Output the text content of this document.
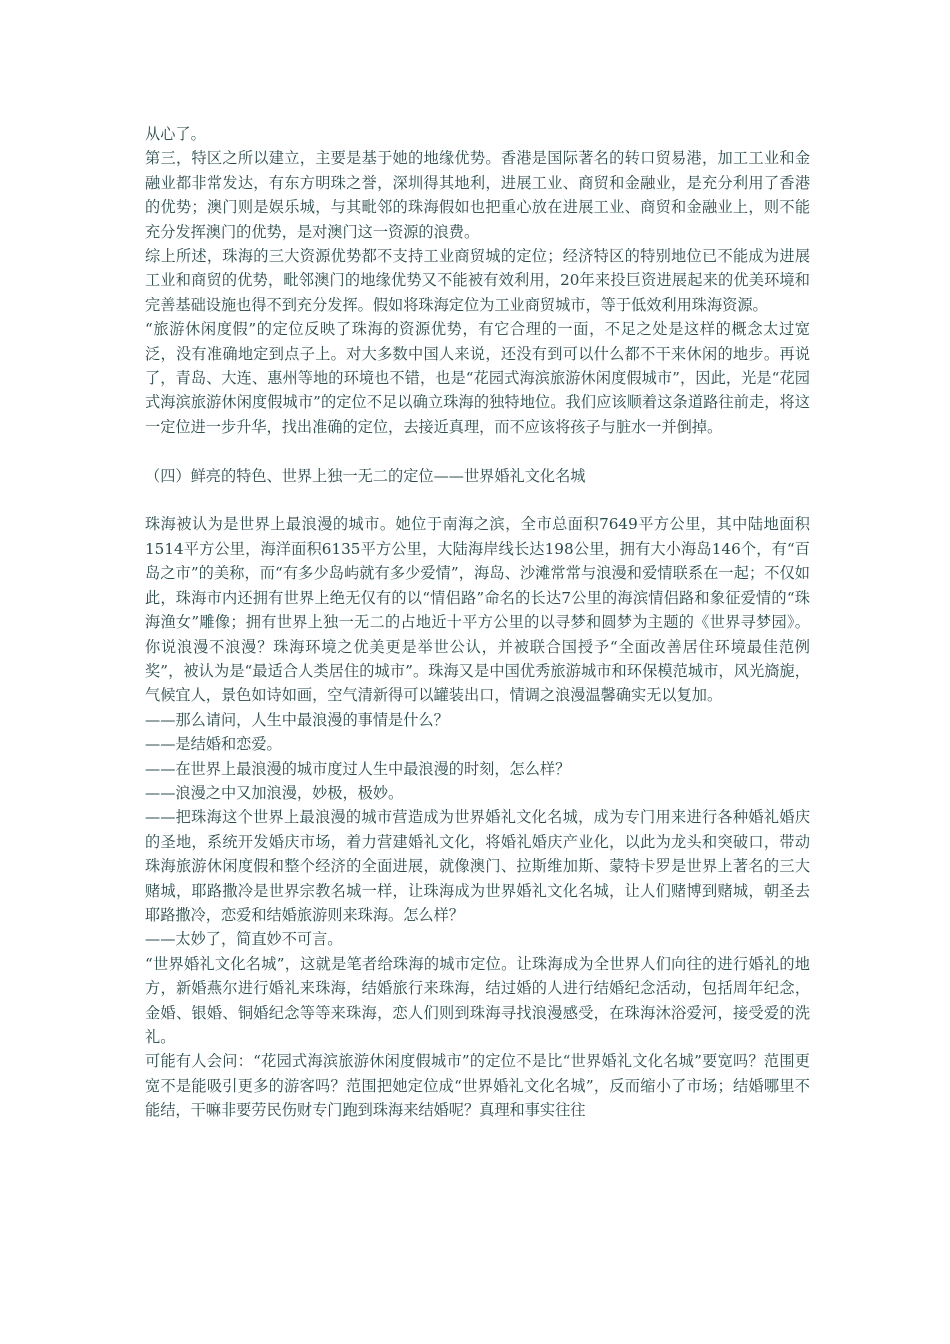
从心了。

第三，特区之所以建立，主要是基于她的地缘优势。香港是国际著名的转口贸易港，加工工业和金融业都非常发达，有东方明珠之誉，深圳得其地利，进展工业、商贸和金融业，是充分利用了香港的优势；澳门则是娱乐城，与其毗邻的珠海假如也把重心放在进展工业、商贸和金融业上，则不能充分发挥澳门的优势，是对澳门这一资源的浪费。

综上所述，珠海的三大资源优势都不支持工业商贸城的定位；经济特区的特别地位已不能成为进展工业和商贸的优势，毗邻澳门的地缘优势又不能被有效利用，20年来投巨资进展起来的优美环境和完善基础设施也得不到充分发挥。假如将珠海定位为工业商贸城市，等于低效利用珠海资源。

“旅游休闲度假”的定位反映了珠海的资源优势，有它合理的一面，不足之处是这样的概念太过宽泛，没有准确地定到点子上。对大多数中国人来说，还没有到可以什么都不干来休闲的地步。再说了，青岛、大连、惠州等地的环境也不错，也是“花园式海滨旅游休闲度假城市”，因此，光是“花园式海滨旅游休闲度假城市”的定位不足以确立珠海的独特地位。我们应该顺着这条道路往前走，将这一定位进一步升华，找出准确的定位，去接近真理，而不应该将孩子与脏水一并倒掉。

（四）鲜亮的特色、世界上独一无二的定位——世界婚礼文化名城

珠海被认为是世界上最浪漫的城市。她位于南海之滨，全市总面积7649平方公里，其中陆地面积1514平方公里，海洋面积6135平方公里，大陆海岸线长达198公里，拥有大小海岛146个，有“百岛之市”的美称，而“有多少岛屿就有多少爱情”，海岛、沙滩常常与浪漫和爱情联系在一起；不仅如此，珠海市内还拥有世界上绝无仅有的以“情侣路”命名的长达7公里的海滨情侣路和象征爱情的“珠海渔女”雕像；拥有世界上独一无二的占地近十平方公里的以寻梦和圆梦为主题的《世界寻梦园》。你说浪漫不浪漫？珠海环境之优美更是举世公认，并被联合国授予“全面改善居住环境最佳范例奖”，被认为是“最适合人类居住的城市”。珠海又是中国优秀旅游城市和环保模范城市，风光旖旎，气候宜人，景色如诗如画，空气清新得可以罐装出口，情调之浪漫温馨确实无以复加。

——那么请问，人生中最浪漫的事情是什么？

——是结婚和恋爱。

——在世界上最浪漫的城市度过人生中最浪漫的时刻，怎么样？

——浪漫之中又加浪漫，妙极，极妙。

——把珠海这个世界上最浪漫的城市营造成为世界婚礼文化名城，成为专门用来进行各种婚礼婚庆的圣地，系统开发婚庆市场，着力营建婚礼文化，将婚礼婚庆产业化，以此为龙头和突破口，带动珠海旅游休闲度假和整个经济的全面进展，就像澳门、拉斯维加斯、蒙特卡罗是世界上著名的三大赌城，耶路撒冷是世界宗教名城一样，让珠海成为世界婚礼文化名城，让人们赌博到赌城，朝圣去耶路撒冷，恋爱和结婚旅游则来珠海。怎么样？

——太妙了，简直妙不可言。

“世界婚礼文化名城”，这就是笔者给珠海的城市定位。让珠海成为全世界人们向往的进行婚礼的地方，新婚燕尔进行婚礼来珠海，结婚旅行来珠海，结过婚的人进行结婚纪念活动，包括周年纪念，金婚、银婚、铜婚纪念等等来珠海，恋人们则到珠海寻找浪漫感受，在珠海沐浴爱河，接受爱的洗礼。

可能有人会问：“花园式海滨旅游休闲度假城市”的定位不是比“世界婚礼文化名城”要宽吗？范围更宽不是能吸引更多的游客吗？范围把她定位成“世界婚礼文化名城”，反而缩小了市场；结婚哪里不能结，干嘛非要劳民伤财专门跑到珠海来结婚呢？真理和事实往往
